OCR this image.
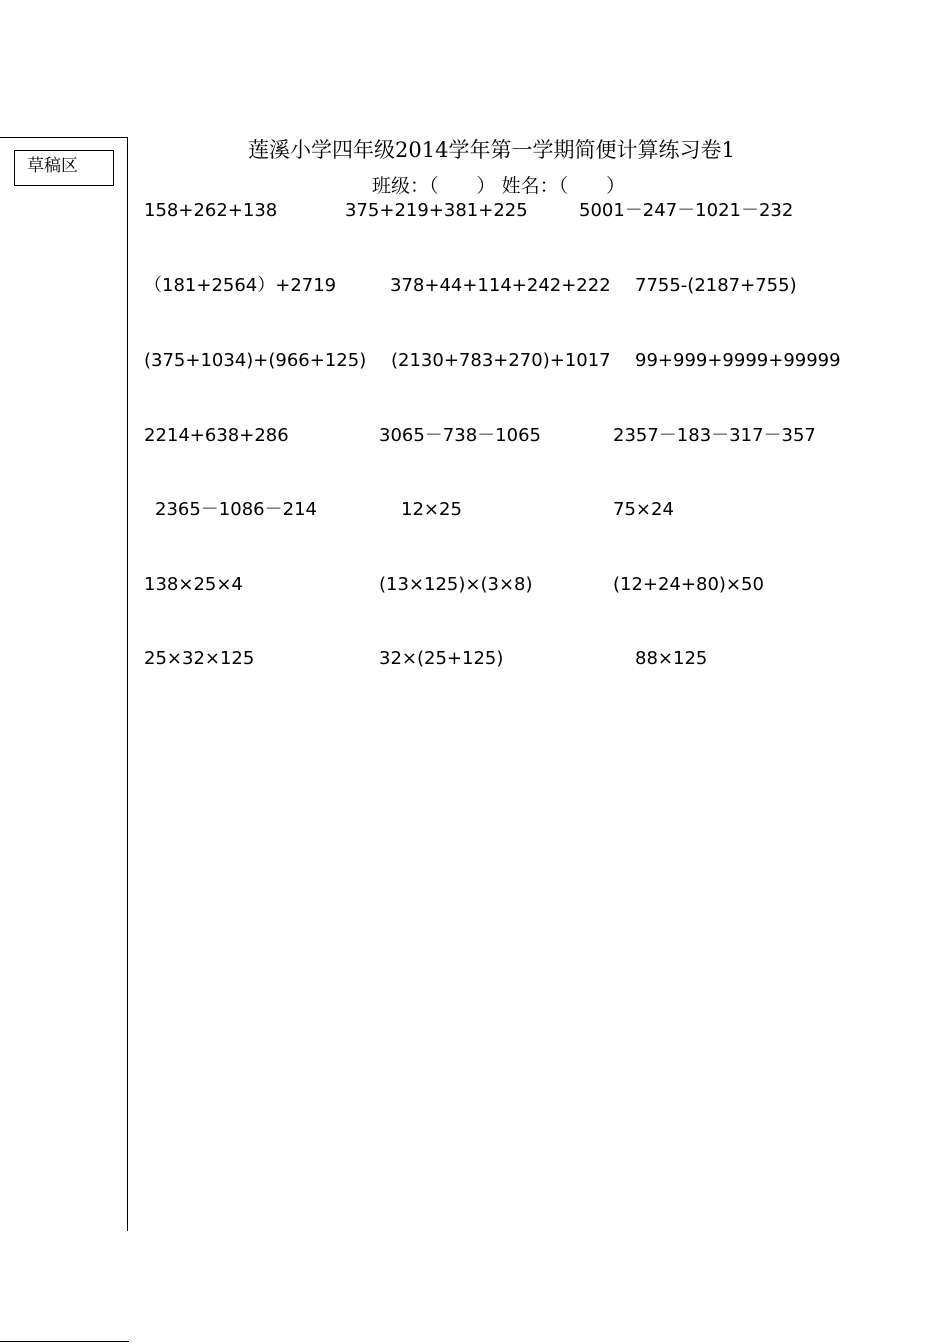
草稿区
莲溪小学四年级2014学年第一学期简便计算练习卷1
班级：（　　） 姓名：（　　）
158+262+138	375+219+381+225	5001－247－1021－232
（181+2564）+2719	378+44+114+242+222 7755-(2187+755)
(375+1034)+(966+125) (2130+783+270)+1017 99+999+9999+99999
2214+638+286	3065－738－1065	2357－183－317－357
2365－1086－214	12×25	75×24
138×25×4	(13×125)×(3×8)	(12+24+80)×50
25×32×125	32×(25+125)	88×125
